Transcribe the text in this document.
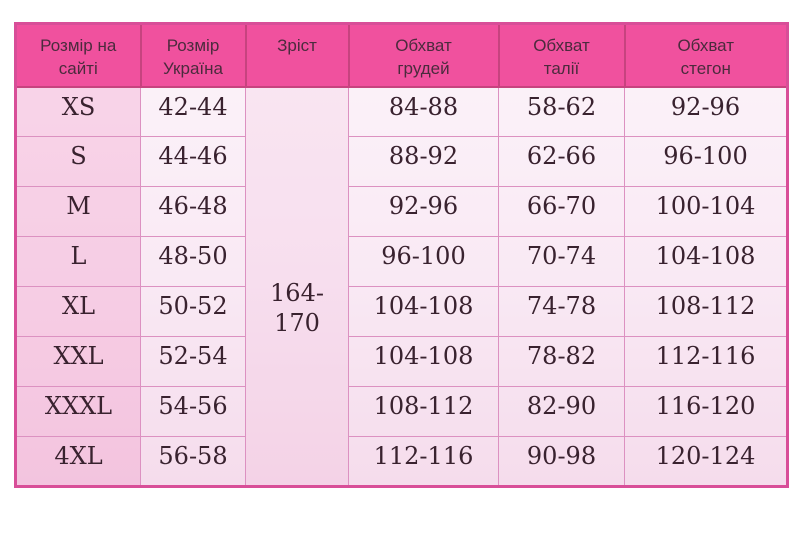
Розмір на сайті	Розмір Україна	Зріст	Обхват грудей	Обхват талії	Обхват стегон
XS	42-44	164-170	84-88	58-62	92-96
S	44-46		88-92	62-66	96-100
M	46-48		92-96	66-70	100-104
L	48-50		96-100	70-74	104-108
XL	50-52		104-108	74-78	108-112
XXL	52-54		104-108	78-82	112-116
XXXL	54-56		108-112	82-90	116-120
4XL	56-58		112-116	90-98	120-124
